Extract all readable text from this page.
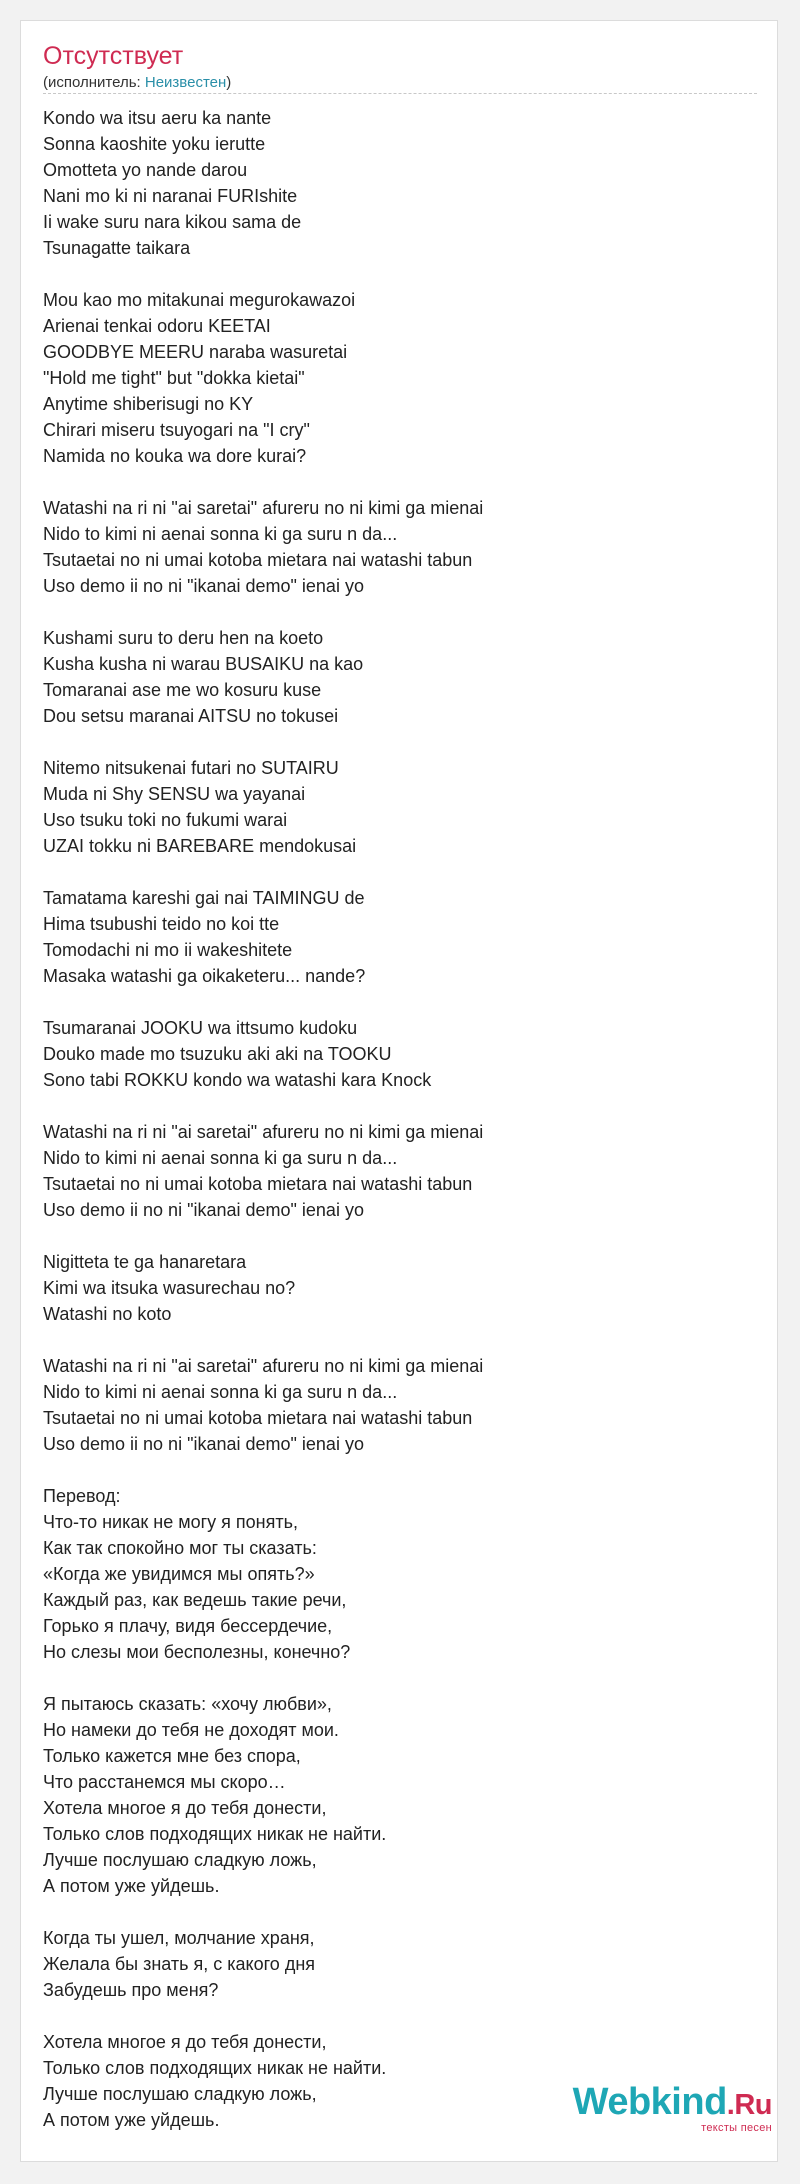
Отсутствует
(исполнитель: Неизвестен)
Kondo wa itsu aeru ka nante
Sonna kaoshite yoku ierutte
Omotteta yo nande darou
Nani mo ki ni naranai FURIshite
Ii wake suru nara kikou sama de
Tsunagatte taikara
Mou kao mo mitakunai megurokawazoi
Arienai tenkai odoru KEETAI
GOODBYE MEERU naraba wasuretai
"Hold me tight" but "dokka kietai"
Anytime shiberisugi no KY
Chirari miseru tsuyogari na "I cry"
Namida no kouka wa dore kurai?
Watashi na ri ni "ai saretai" afureru no ni kimi ga mienai
Nido to kimi ni aenai sonna ki ga suru n da...
Tsutaetai no ni umai kotoba mietara nai watashi tabun
Uso demo ii no ni "ikanai demo" ienai yo
Kushami suru to deru hen na koeto
Kusha kusha ni warau BUSAIKU na kao
Tomaranai ase me wo kosuru kuse
Dou setsu maranai AITSU no tokusei
Nitemo nitsukenai futari no SUTAIRU
Muda ni Shy SENSU wa yayanai
Uso tsuku toki no fukumi warai
UZAI tokku ni BAREBARE mendokusai
Tamatama kareshi gai nai TAIMINGU de
Hima tsubushi teido no koi tte
Tomodachi ni mo ii wakeshitete
Masaka watashi ga oikaketeru... nande?
Tsumaranai JOOKU wa ittsumo kudoku
Douko made mo tsuzuku aki aki na TOOKU
Sono tabi ROKKU kondo wa watashi kara Knock
Watashi na ri ni "ai saretai" afureru no ni kimi ga mienai
Nido to kimi ni aenai sonna ki ga suru n da...
Tsutaetai no ni umai kotoba mietara nai watashi tabun
Uso demo ii no ni "ikanai demo" ienai yo
Nigitteta te ga hanaretara
Kimi wa itsuka wasurechau no?
Watashi no koto
Watashi na ri ni "ai saretai" afureru no ni kimi ga mienai
Nido to kimi ni aenai sonna ki ga suru n da...
Tsutaetai no ni umai kotoba mietara nai watashi tabun
Uso demo ii no ni "ikanai demo" ienai yo
Перевод:
Что-то никак не могу я понять,
Как так спокойно мог ты сказать:
«Когда же увидимся мы опять?»
Каждый раз, как ведешь такие речи,
Горько я плачу, видя бессердечие,
Но слезы мои бесполезны, конечно?
Я пытаюсь сказать: «хочу любви»,
Но намеки до тебя не доходят мои.
Только кажется мне без спора,
Что расстанемся мы скоро…
Хотела многое я до тебя донести,
Только слов подходящих никак не найти.
Лучше послушаю сладкую ложь,
А потом уже уйдешь.
Когда ты ушел, молчание храня,
Желала бы знать я, с какого дня
Забудешь про меня?
Хотела многое я до тебя донести,
Только слов подходящих никак не найти.
Лучше послушаю сладкую ложь,
А потом уже уйдешь.	Webkind.Ru
тексты песен
